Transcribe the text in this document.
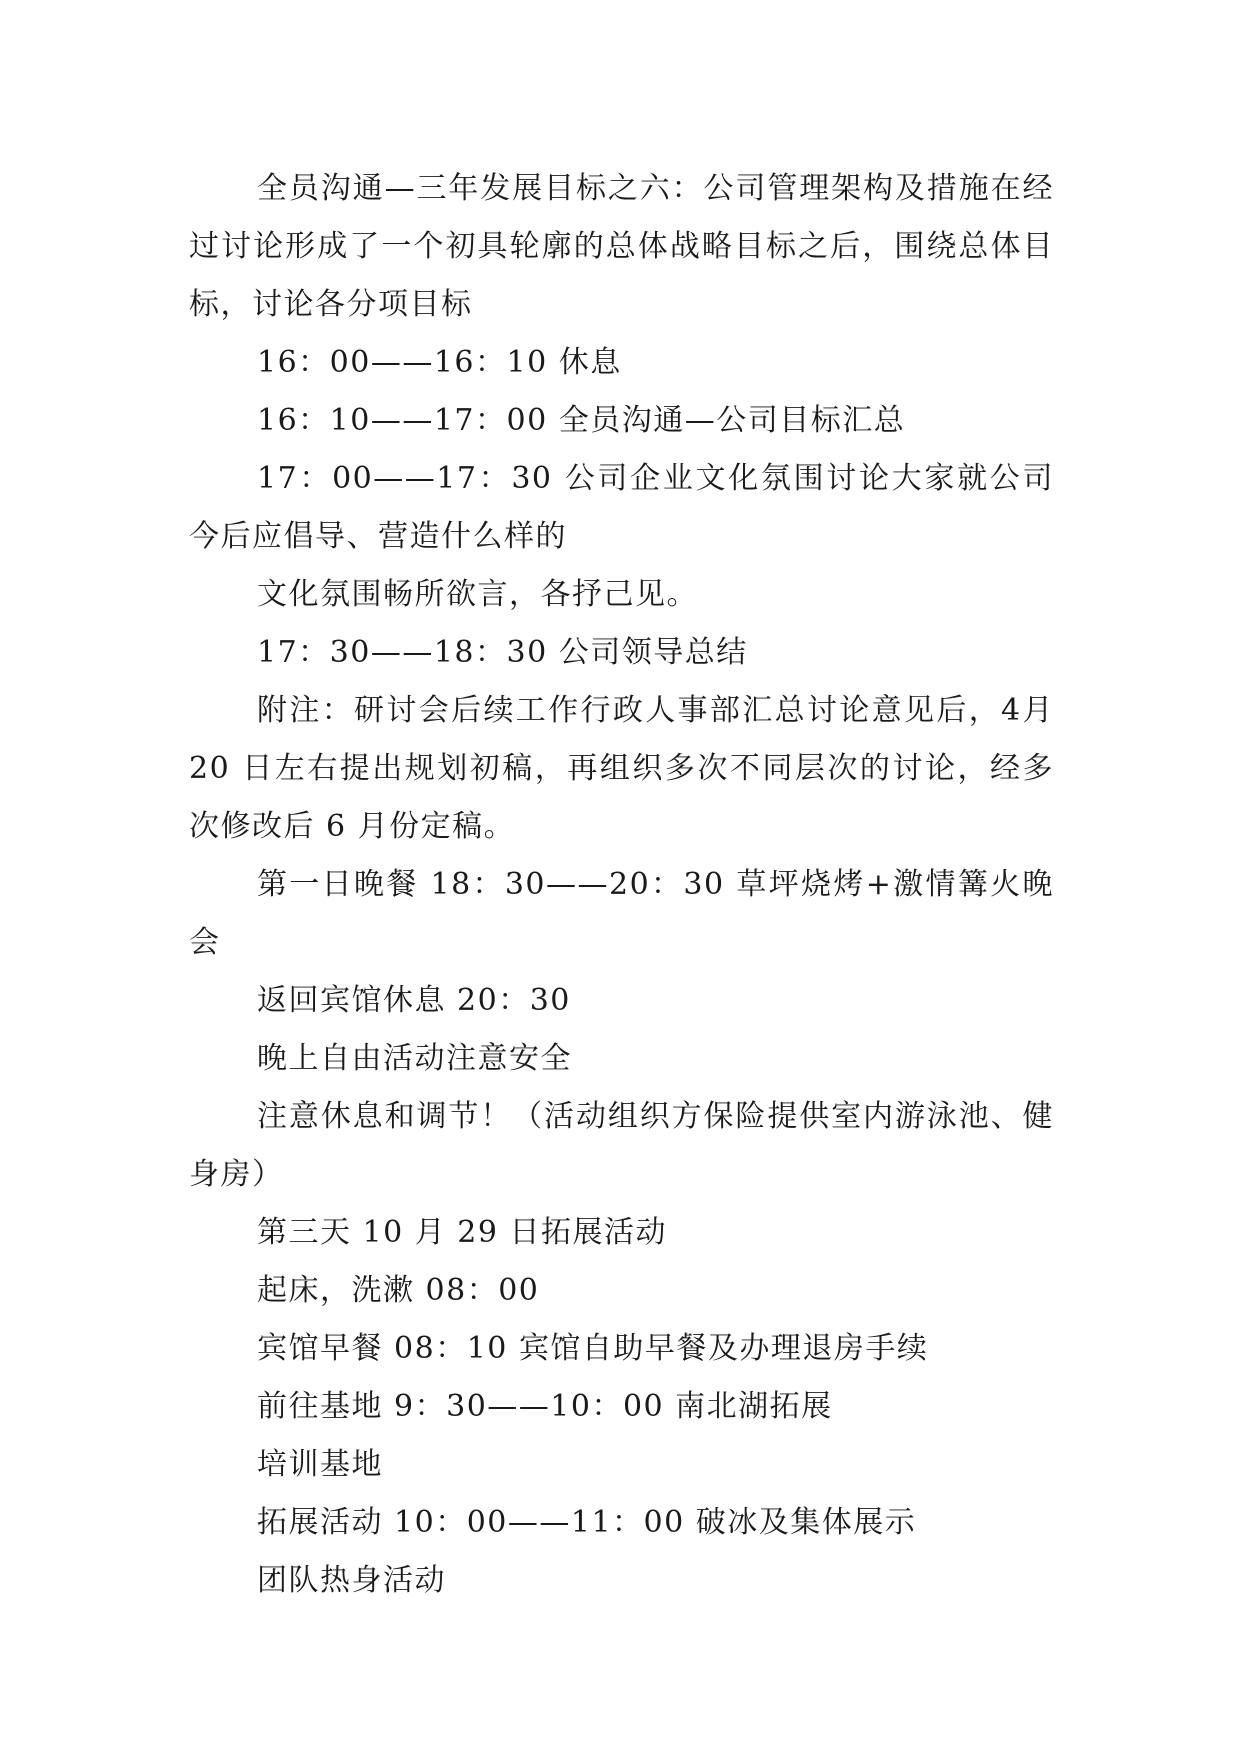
全员沟通—三年发展目标之六：公司管理架构及措施在经过讨论形成了一个初具轮廓的总体战略目标之后，围绕总体目标，讨论各分项目标

16：00——16：10 休息

16：10——17：00 全员沟通—公司目标汇总

17：00——17：30 公司企业文化氛围讨论大家就公司今后应倡导、营造什么样的

文化氛围畅所欲言，各抒己见。

17：30——18：30 公司领导总结

附注：研讨会后续工作行政人事部汇总讨论意见后，4月 20 日左右提出规划初稿，再组织多次不同层次的讨论，经多次修改后 6 月份定稿。

第一日晚餐 18：30——20：30 草坪烧烤+激情篝火晚会

返回宾馆休息 20：30

晚上自由活动注意安全

注意休息和调节！（活动组织方保险提供室内游泳池、健身房）

第三天 10 月 29 日拓展活动

起床，洗漱 08：00

宾馆早餐 08：10 宾馆自助早餐及办理退房手续

前往基地 9：30——10：00 南北湖拓展

培训基地

拓展活动 10：00——11：00 破冰及集体展示

团队热身活动
